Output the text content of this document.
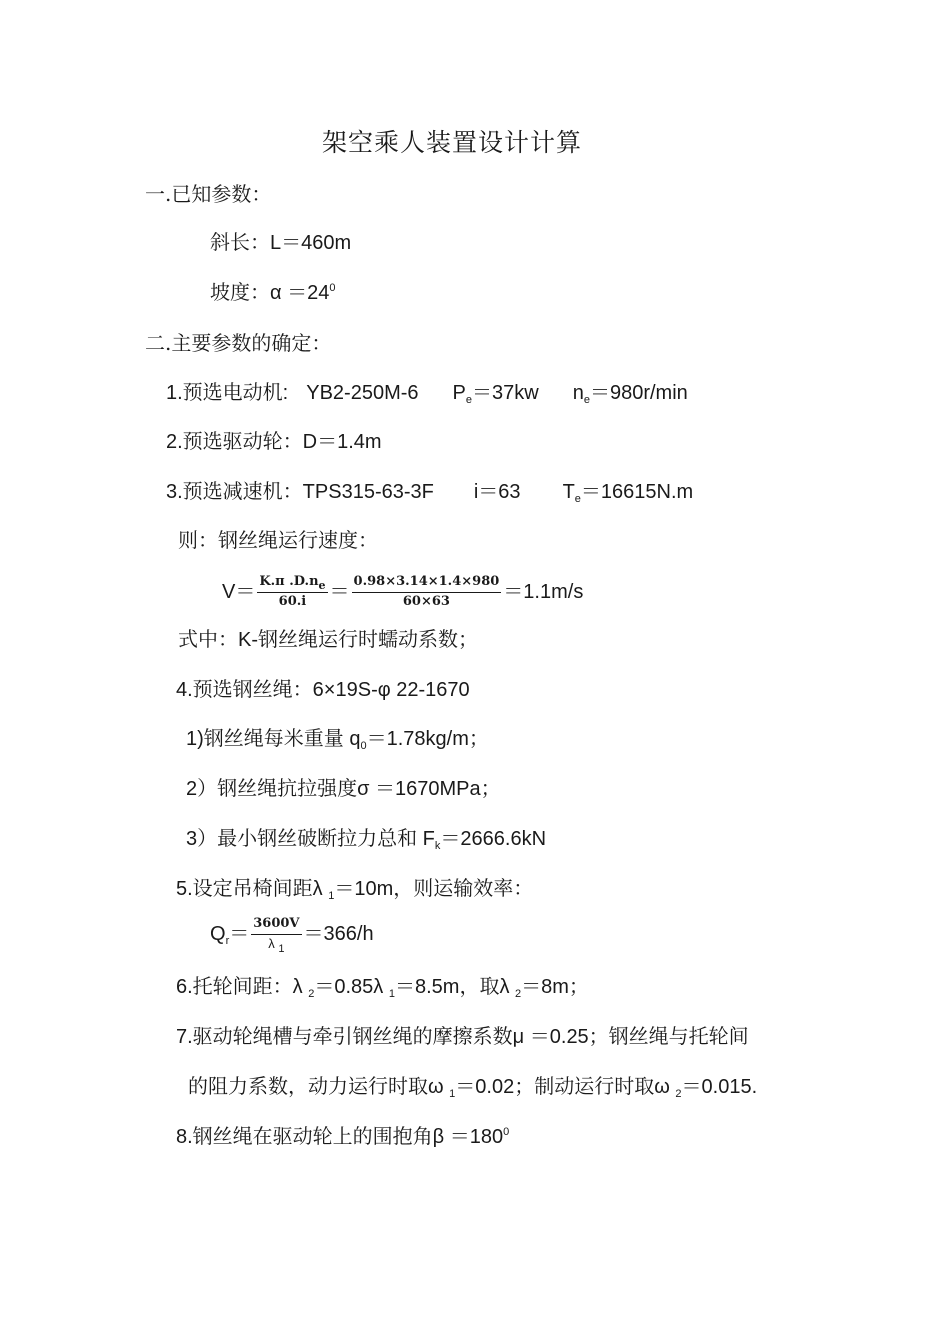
架空乘人装置设计计算
一.已知参数：
斜长：L＝460m
坡度：$\alpha =24^0$
二.主要参数的确定：
1.预选电动机: YB2-250M-6 $P_e=37kw$ $n_e=980r/\min$
2.预选驱动轮：D＝1.4m
3.预选减速机：TPS315-63-3F i＝63 $T_e=16615N.m$
则：钢丝绳运行速度：
$V= \frac{K.\pi .D.n_e}{60.i} = \frac{0.98\times 3.14\times 1.4\times 980}{60\times 63} =1.1m/s$
式中：K-钢丝绳运行时蠕动系数；
4.预选钢丝绳：6×19S-φ 22-1670
1)钢丝绳每米重量 $q_0=1.78kg/m$；
2）钢丝绳抗拉强度σ ＝1670MPa；
3）最小钢丝破断拉力总和 $F_k=2666.6kN$
5.设定吊椅间距λ $_1$＝10m，则运输效率：
$Q_r= \frac{3600V}{\lambda _1} =366/h$
6.托轮间距：λ $_2$＝0.85λ $_1$＝8.5m，取λ $_2$＝8m；
7.驱动轮绳槽与牵引钢丝绳的摩擦系数μ ＝0.25；钢丝绳与托轮间
的阻力系数，动力运行时取ω $_1$＝0.02；制动运行时取ω $_2$＝0.015.
8.钢丝绳在驱动轮上的围抱角$\beta =180^0$
